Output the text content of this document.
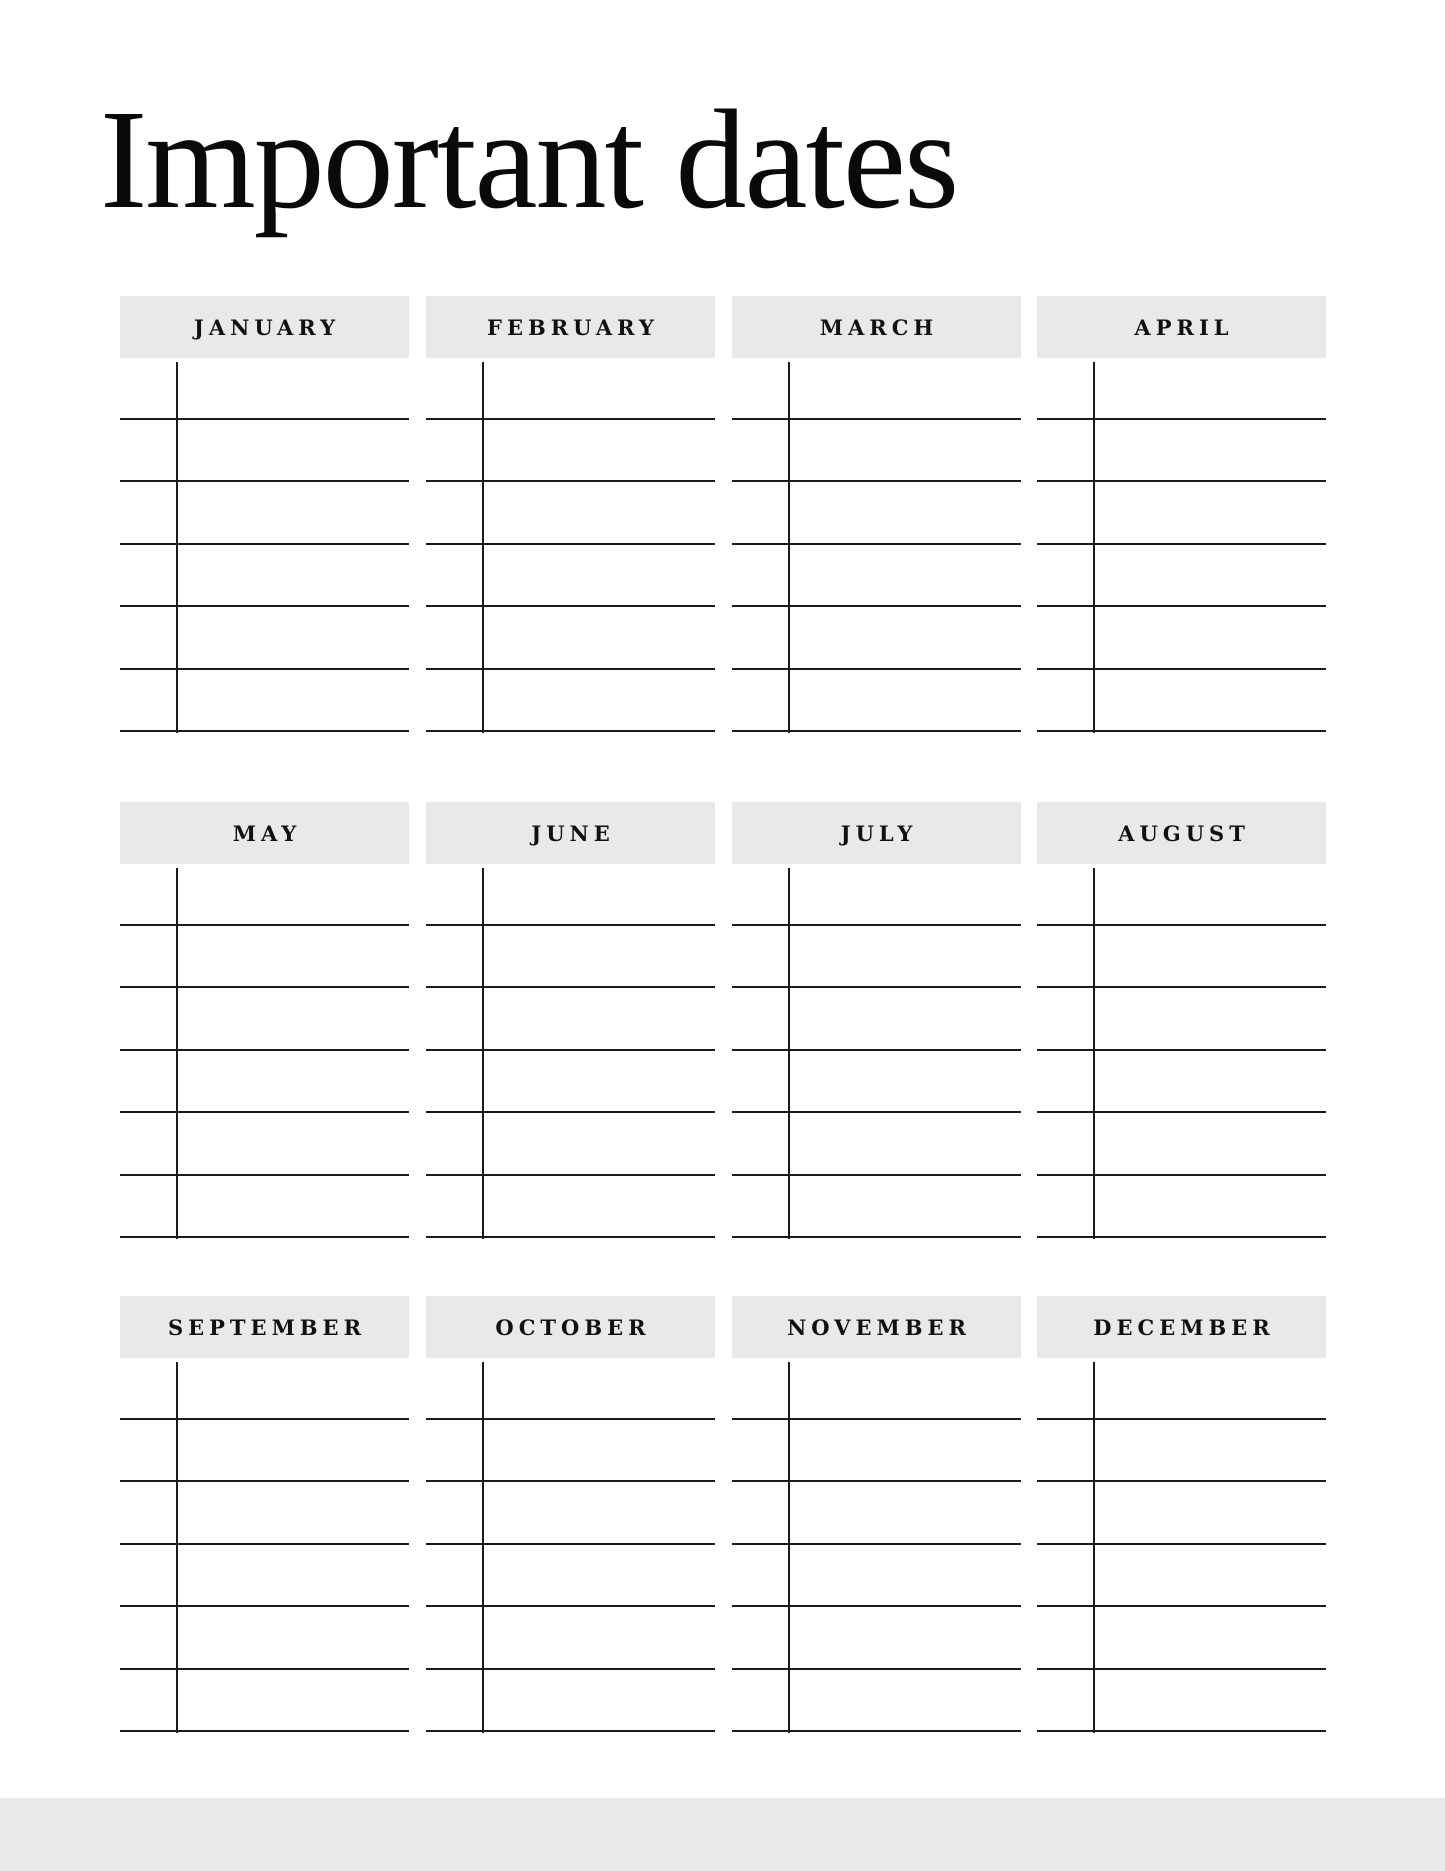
Important dates
JANUARY	FEBRUARY	MARCH	APRIL
MAY	JUNE	JULY	AUGUST
SEPTEMBER	OCTOBER	NOVEMBER	DECEMBER
